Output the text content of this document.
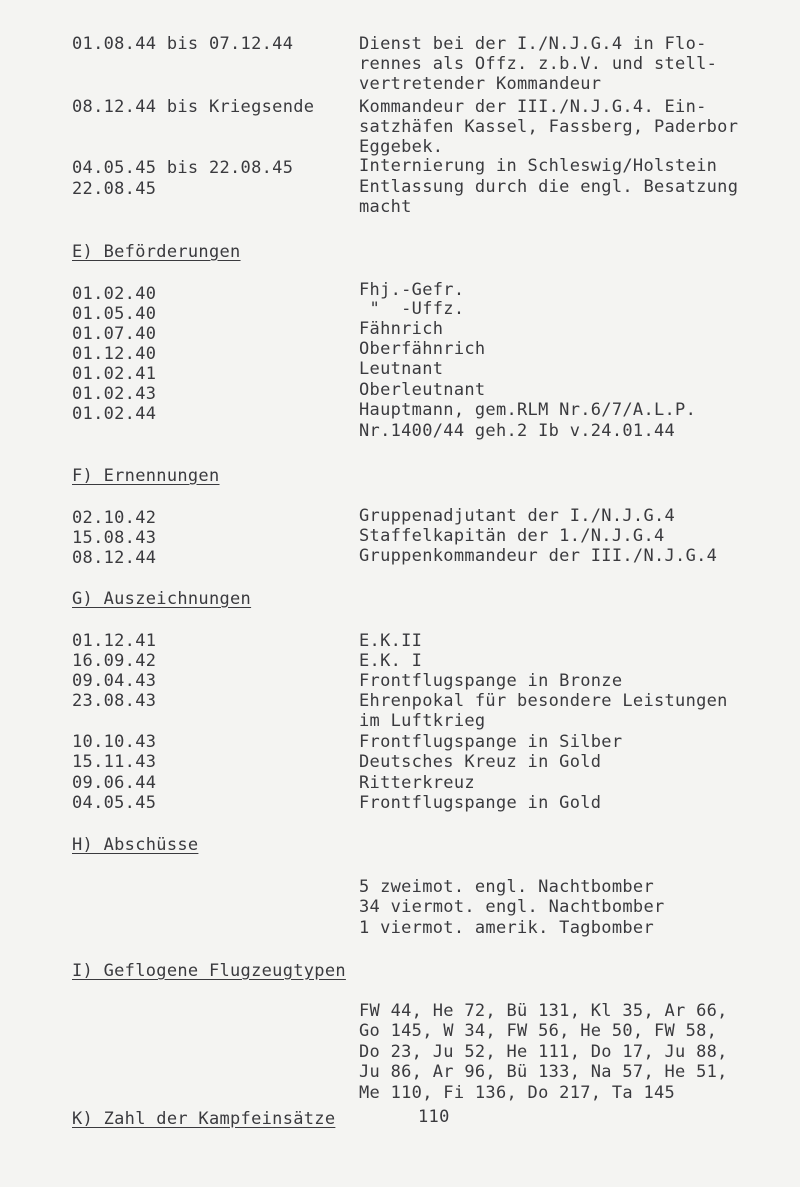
01.08.44 bis 07.12.44	Dienst bei der I./N.J.G.4 in Flo-
rennes als Offz. z.b.V. und stell-
vertretender Kommandeur
08.12.44 bis Kriegsende	Kommandeur der III./N.J.G.4. Ein-
satzhäfen Kassel, Fassberg, Paderbor
Eggebek.
04.05.45 bis 22.08.45	Internierung in Schleswig/Holstein
22.08.45	Entlassung durch die engl. Besatzung
macht
E) Beförderungen
01.02.40	Fhj.-Gefr.
01.05.40	"  -Uffz.
01.07.40	Fähnrich
01.12.40	Oberfähnrich
01.02.41	Leutnant
01.02.43	Oberleutnant
01.02.44	Hauptmann, gem.RLM Nr.6/7/A.L.P.
Nr.1400/44 geh.2 Ib v.24.01.44
F) Ernennungen
02.10.42	Gruppenadjutant der I./N.J.G.4
15.08.43	Staffelkapitän der 1./N.J.G.4
08.12.44	Gruppenkommandeur der III./N.J.G.4
G) Auszeichnungen
01.12.41	E.K.II
16.09.42	E.K. I
09.04.43	Frontflugspange in Bronze
23.08.43	Ehrenpokal für besondere Leistungen
im Luftkrieg
10.10.43	Frontflugspange in Silber
15.11.43	Deutsches Kreuz in Gold
09.06.44	Ritterkreuz
04.05.45	Frontflugspange in Gold
H) Abschüsse
5 zweimot. engl. Nachtbomber
34 viermot. engl. Nachtbomber
1 viermot. amerik. Tagbomber
I) Geflogene Flugzeugtypen
FW 44, He 72, Bü 131, Kl 35, Ar 66,
Go 145, W 34, FW 56, He 50, FW 58,
Do 23, Ju 52, He 111, Do 17, Ju 88,
Ju 86, Ar 96, Bü 133, Na 57, He 51,
Me 110, Fi 136, Do 217, Ta 145
K) Zahl der Kampfeinsätze	110
